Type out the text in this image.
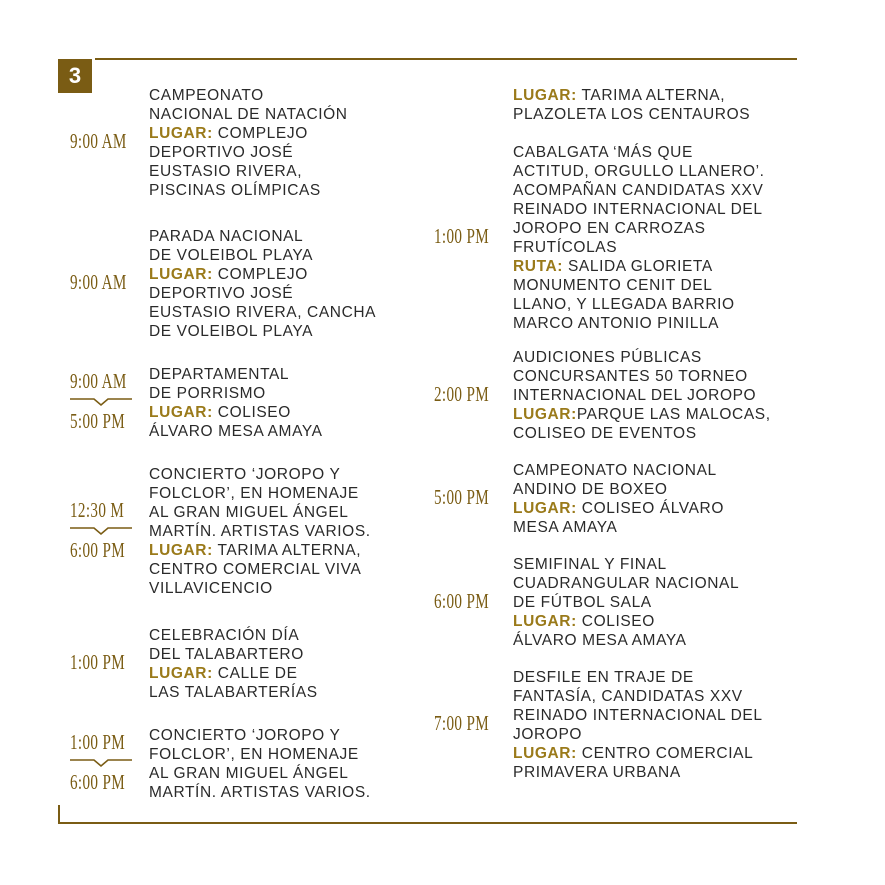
3
CAMPEONATO
NACIONAL DE NATACIÓN
LUGAR: COMPLEJO
DEPORTIVO JOSÉ
EUSTASIO RIVERA,
PISCINAS OLÍMPICAS
9:00 AM
PARADA NACIONAL
DE VOLEIBOL PLAYA
LUGAR: COMPLEJO
DEPORTIVO JOSÉ
EUSTASIO RIVERA, CANCHA
DE VOLEIBOL PLAYA
9:00 AM
DEPARTAMENTAL
DE PORRISMO
LUGAR: COLISEO
ÁLVARO MESA AMAYA
9:00 AM
5:00 PM
CONCIERTO ‘JOROPO Y
FOLCLOR’, EN HOMENAJE
AL GRAN MIGUEL ÁNGEL
MARTÍN. ARTISTAS VARIOS.
LUGAR: TARIMA ALTERNA,
CENTRO COMERCIAL VIVA
VILLAVICENCIO
12:30 M
6:00 PM
CELEBRACIÓN DÍA
DEL TALABARTERO
LUGAR: CALLE DE
LAS TALABARTERÍAS
1:00 PM
CONCIERTO ‘JOROPO Y
FOLCLOR’, EN HOMENAJE
AL GRAN MIGUEL ÁNGEL
MARTÍN. ARTISTAS VARIOS.
1:00 PM
6:00 PM
LUGAR: TARIMA ALTERNA,
PLAZOLETA LOS CENTAUROS
CABALGATA ‘MÁS QUE
ACTITUD, ORGULLO LLANERO’.
ACOMPAÑAN CANDIDATAS XXV
REINADO INTERNACIONAL DEL
JOROPO EN CARROZAS
FRUTÍCOLAS
RUTA: SALIDA GLORIETA
MONUMENTO CENIT DEL
LLANO, Y LLEGADA BARRIO
MARCO ANTONIO PINILLA
1:00 PM
AUDICIONES PÚBLICAS
CONCURSANTES 50 TORNEO
INTERNACIONAL DEL JOROPO
LUGAR:PARQUE LAS MALOCAS,
COLISEO DE EVENTOS
2:00 PM
CAMPEONATO NACIONAL
ANDINO DE BOXEO
LUGAR: COLISEO ÁLVARO
MESA AMAYA
5:00 PM
SEMIFINAL Y FINAL
CUADRANGULAR NACIONAL
DE FÚTBOL SALA
LUGAR: COLISEO
ÁLVARO MESA AMAYA
6:00 PM
DESFILE EN TRAJE DE
FANTASÍA, CANDIDATAS XXV
REINADO INTERNACIONAL DEL
JOROPO
LUGAR: CENTRO COMERCIAL
PRIMAVERA URBANA
7:00 PM
